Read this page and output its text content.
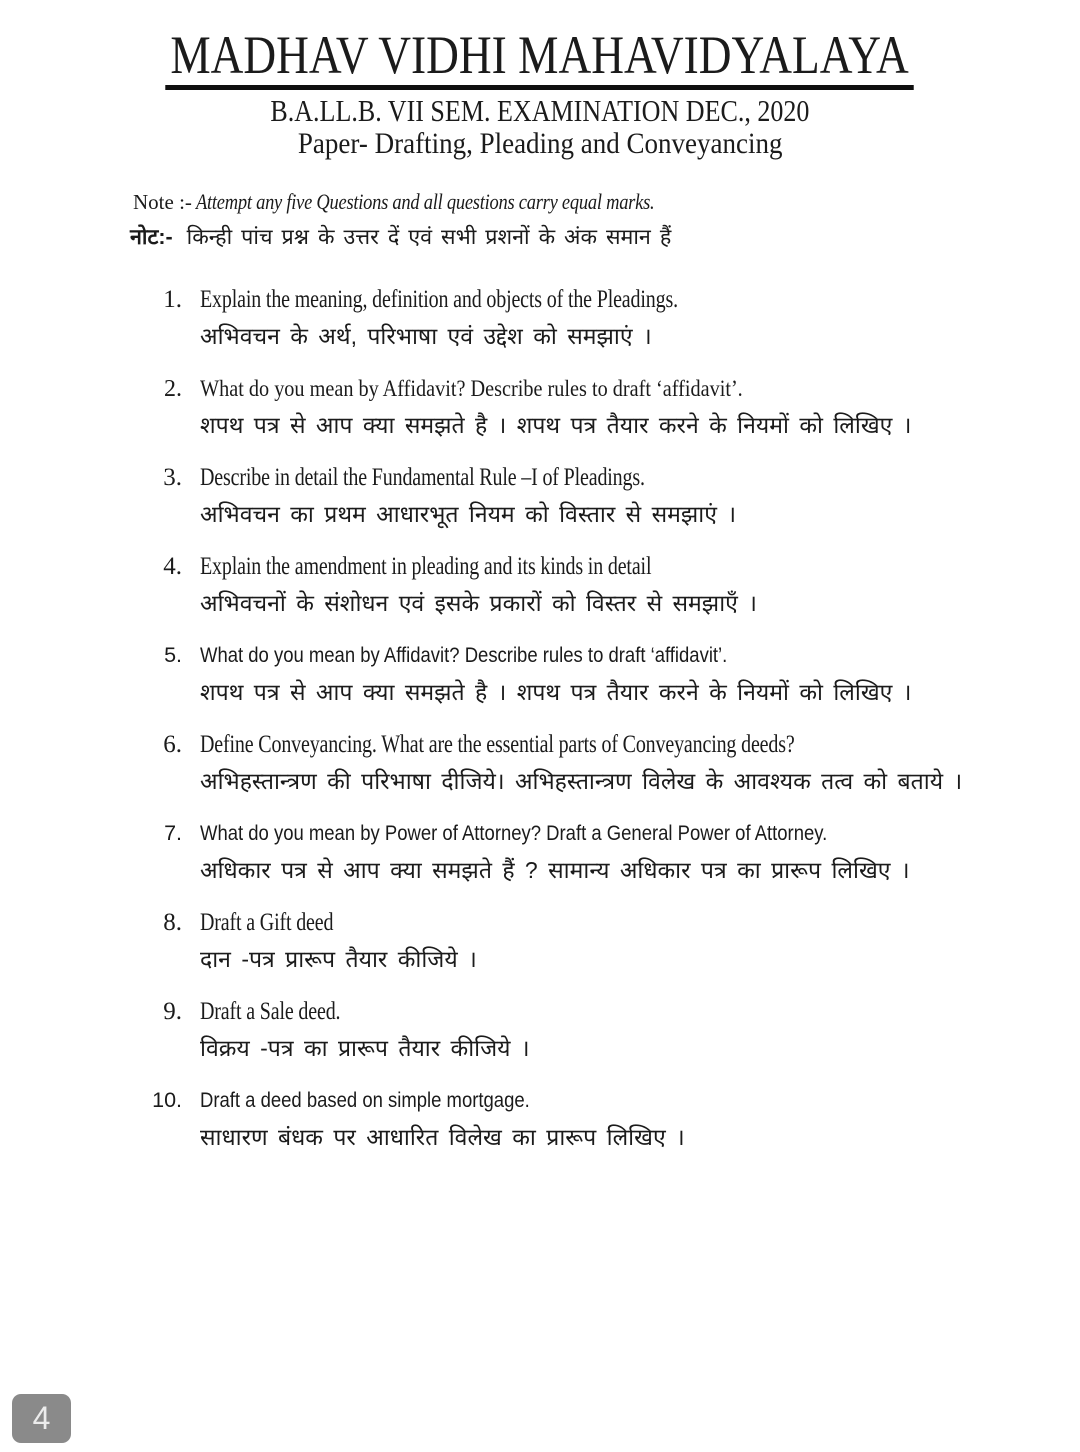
MADHAV VIDHI MAHAVIDYALAYA
B.A.LL.B. VII SEM. EXAMINATION DEC., 2020
Paper- Drafting, Pleading and Conveyancing
Note :- Attempt any five Questions and all questions carry equal marks.
नोट:- किन्ही पांच प्रश्न के उत्तर दें एवं सभी प्रशनों के अंक समान हैं
1. Explain the meaning, definition and objects of the Pleadings.
अभिवचन के अर्थ, परिभाषा एवं उद्देश को समझाएं ।
2. What do you mean by Affidavit? Describe rules to draft ‘affidavit’.
शपथ पत्र से आप क्या समझते है । शपथ पत्र तैयार करने के नियमों को लिखिए ।
3. Describe in detail the Fundamental Rule –I of Pleadings.
अभिवचन का प्रथम आधारभूत नियम को विस्तार से समझाएं ।
4. Explain the amendment in pleading and its kinds in detail
अभिवचनों के संशोधन एवं इसके प्रकारों को विस्तर से समझाएँ ।
5. What do you mean by Affidavit? Describe rules to draft ‘affidavit’.
शपथ पत्र से आप क्या समझते है । शपथ पत्र तैयार करने के नियमों को लिखिए ।
6. Define Conveyancing. What are the essential parts of Conveyancing deeds?
अभिहस्तान्त्रण की परिभाषा दीजिये। अभिहस्तान्त्रण विलेख के आवश्यक तत्व को बताये ।
7. What do you mean by Power of Attorney? Draft a General Power of Attorney.
अधिकार पत्र से आप क्या समझते हैं ? सामान्य अधिकार पत्र का प्रारूप लिखिए ।
8. Draft a Gift deed
दान -पत्र प्रारूप तैयार कीजिये ।
9. Draft a Sale deed.
विक्रय -पत्र का प्रारूप तैयार कीजिये ।
10. Draft a deed based on simple mortgage.
साधारण बंधक पर आधारित विलेख का प्रारूप लिखिए ।
4
